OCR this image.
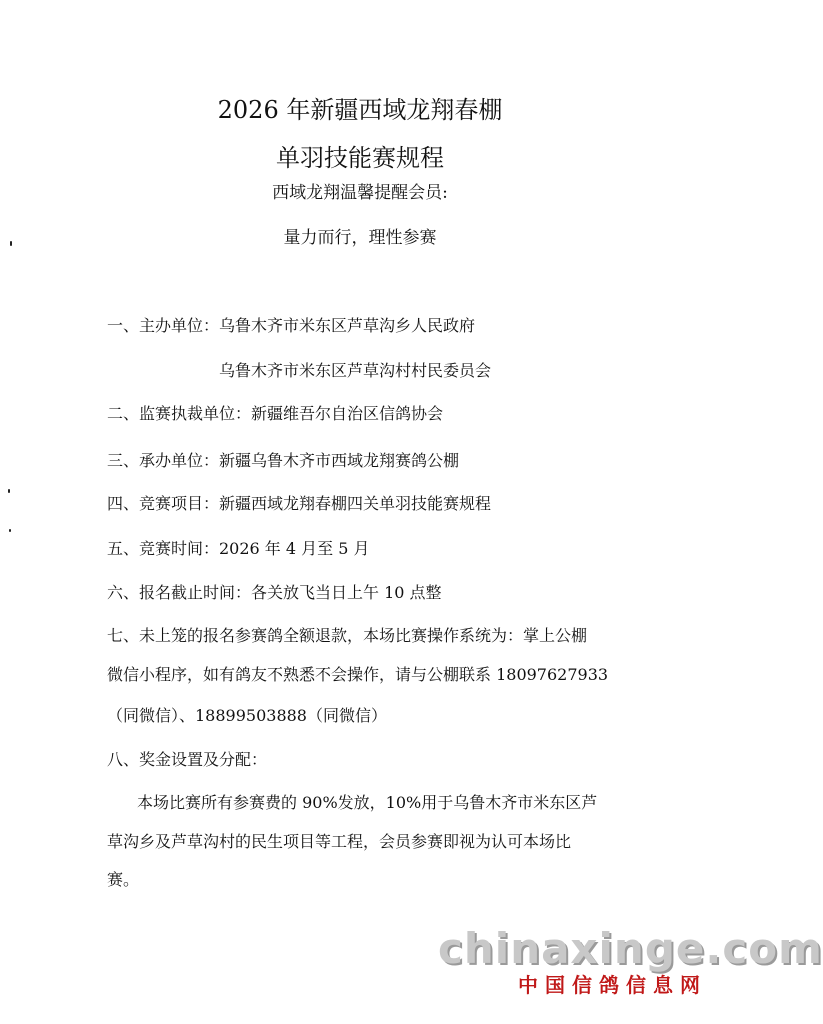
2026 年新疆西域龙翔春棚
单羽技能赛规程
西域龙翔温馨提醒会员:
量力而行，理性参赛
一、主办单位：乌鲁木齐市米东区芦草沟乡人民政府
乌鲁木齐市米东区芦草沟村村民委员会
二、监赛执裁单位：新疆维吾尔自治区信鸽协会
三、承办单位：新疆乌鲁木齐市西域龙翔赛鸽公棚
四、竞赛项目：新疆西域龙翔春棚四关单羽技能赛规程
五、竞赛时间：2026 年 4 月至 5 月
六、报名截止时间：各关放飞当日上午 10 点整
七、未上笼的报名参赛鸽全额退款，本场比赛操作系统为：掌上公棚
微信小程序，如有鸽友不熟悉不会操作，请与公棚联系 18097627933
（同微信）、18899503888（同微信）
八、奖金设置及分配：
本场比赛所有参赛费的 90%发放，10%用于乌鲁木齐市米东区芦
草沟乡及芦草沟村的民生项目等工程，会员参赛即视为认可本场比
赛。
chinaxinge.com
中国信鸽信息网
